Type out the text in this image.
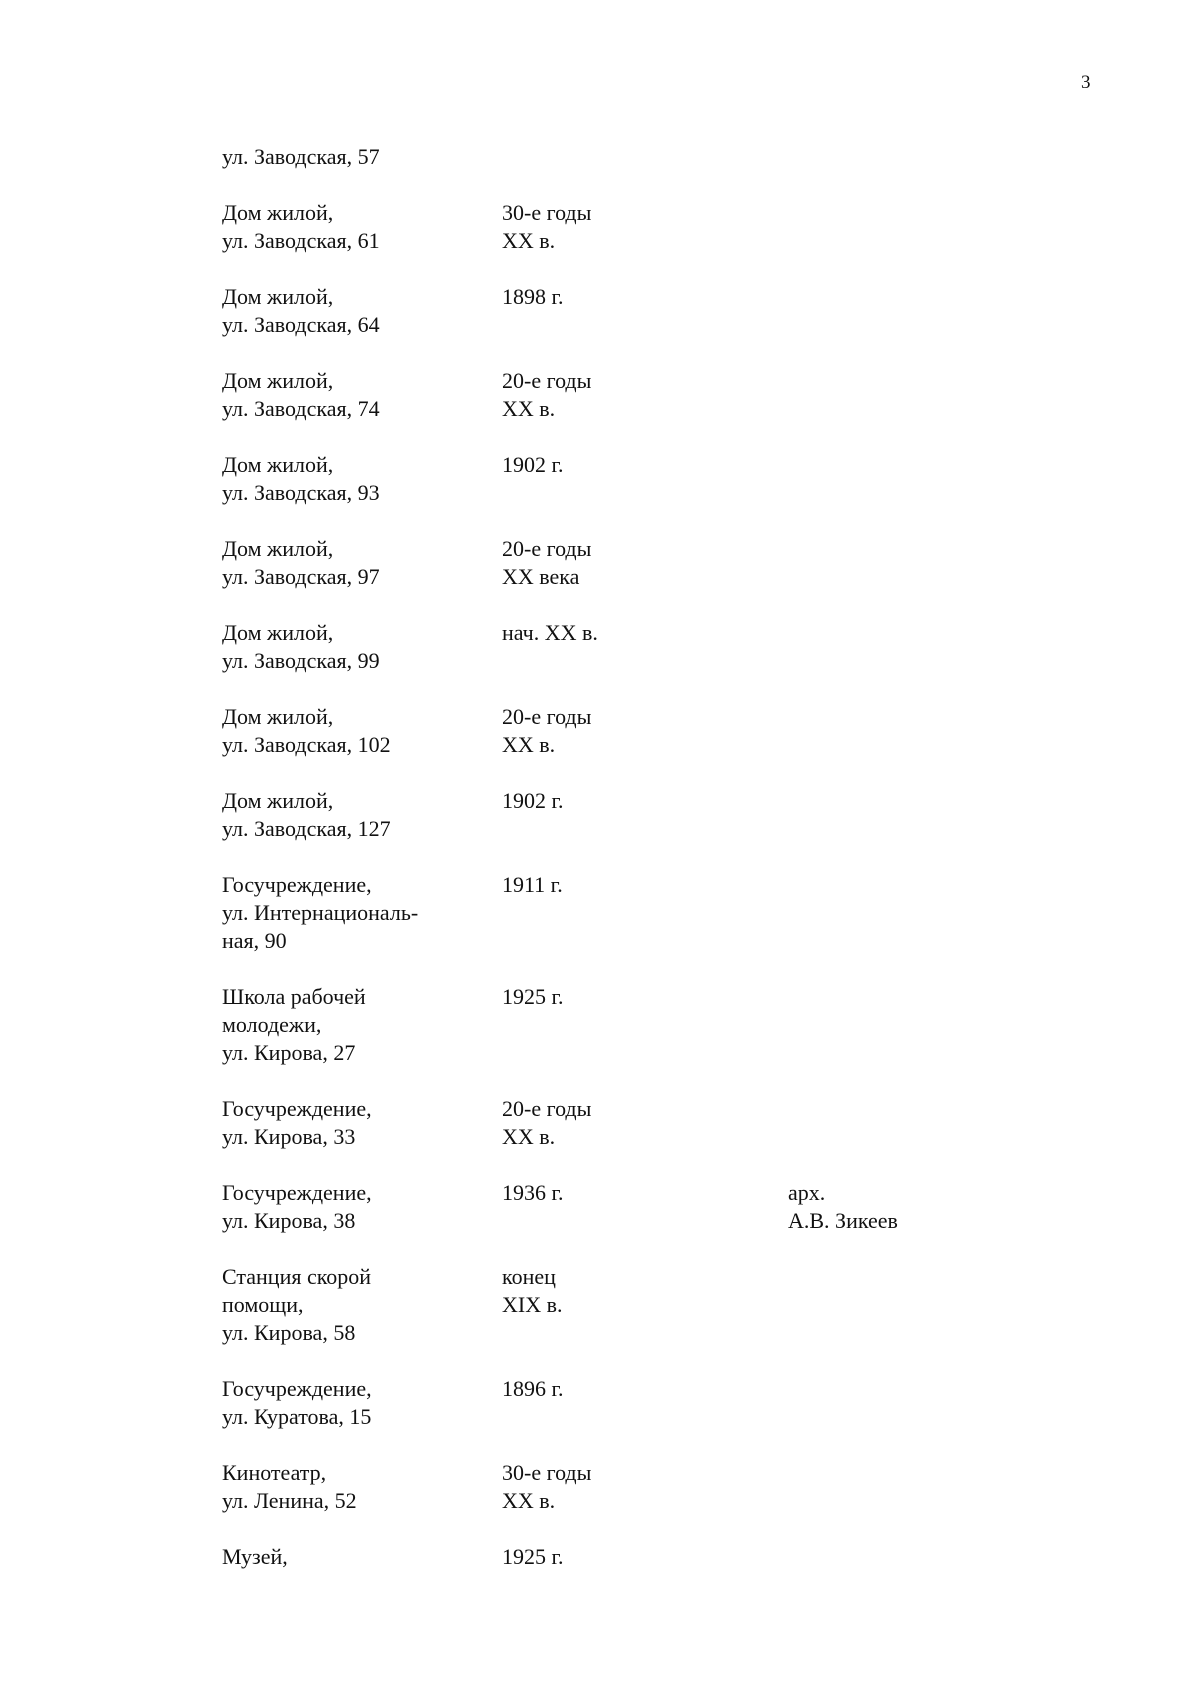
3
ул. Заводская, 57
Дом жилой,
ул. Заводская, 61
30-е годы
XX в.
Дом жилой,
ул. Заводская, 64
1898 г.
Дом жилой,
ул. Заводская, 74
20-е годы
XX в.
Дом жилой,
ул. Заводская, 93
1902 г.
Дом жилой,
ул. Заводская, 97
20-е годы
XX века
Дом жилой,
ул. Заводская, 99
нач. XX в.
Дом жилой,
ул. Заводская, 102
20-е годы
XX в.
Дом жилой,
ул. Заводская, 127
1902 г.
Госучреждение,
ул. Интернациональ-
ная, 90
1911 г.
Школа рабочей
молодежи,
ул. Кирова, 27
1925 г.
Госучреждение,
ул. Кирова, 33
20-е годы
XX в.
Госучреждение,
ул. Кирова, 38
1936 г.	арх.
А.В. Зикеев
Станция скорой
помощи,
ул. Кирова, 58
конец
XIX в.
Госучреждение,
ул. Куратова, 15
1896 г.
Кинотеатр,
ул. Ленина, 52
30-е годы
XX в.
Музей,	1925 г.
